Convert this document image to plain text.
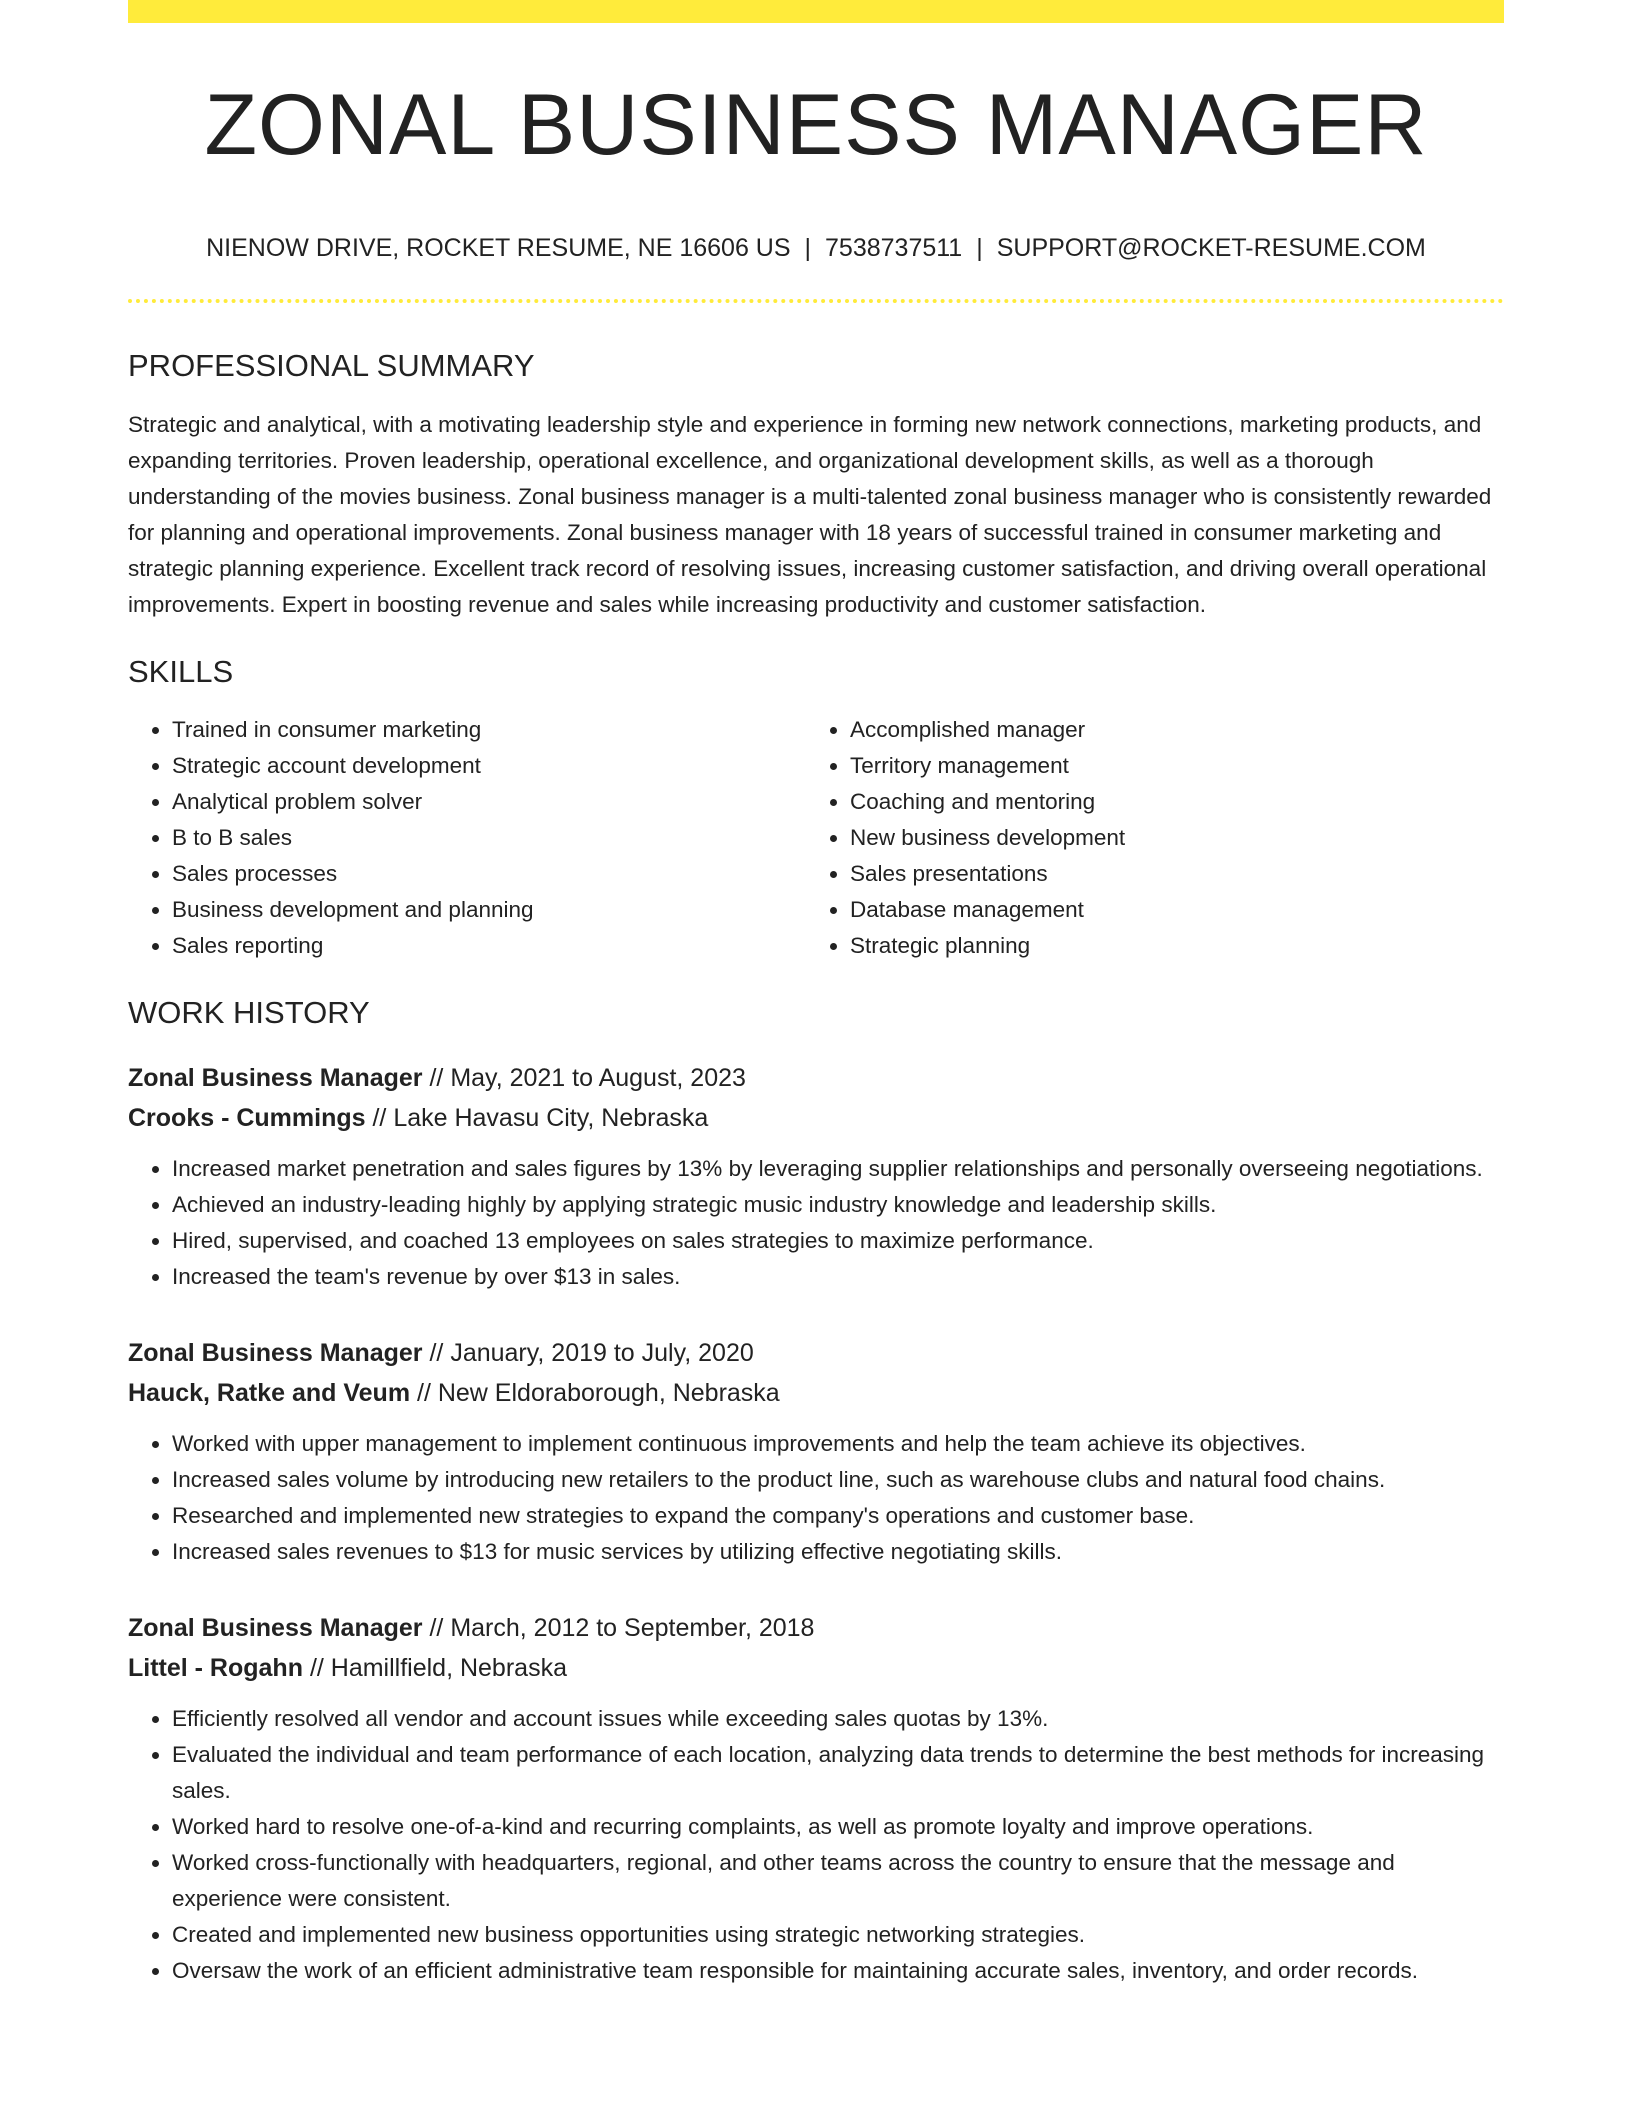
ZONAL BUSINESS MANAGER
NIENOW DRIVE, ROCKET RESUME, NE 16606 US | 7538737511 | SUPPORT@ROCKET-RESUME.COM
PROFESSIONAL SUMMARY

Strategic and analytical, with a motivating leadership style and experience in forming new network connections, marketing products, and expanding territories. Proven leadership, operational excellence, and organizational development skills, as well as a thorough understanding of the movies business. Zonal business manager is a multi-talented zonal business manager who is consistently rewarded for planning and operational improvements. Zonal business manager with 18 years of successful trained in consumer marketing and strategic planning experience. Excellent track record of resolving issues, increasing customer satisfaction, and driving overall operational improvements. Expert in boosting revenue and sales while increasing productivity and customer satisfaction.

SKILLS
• Trained in consumer marketing
• Strategic account development
• Analytical problem solver
• B to B sales
• Sales processes
• Business development and planning
• Sales reporting
• Accomplished manager
• Territory management
• Coaching and mentoring
• New business development
• Sales presentations
• Database management
• Strategic planning
WORK HISTORY
Zonal Business Manager // May, 2021 to August, 2023
Crooks - Cummings // Lake Havasu City, Nebraska
• Increased market penetration and sales figures by 13% by leveraging supplier relationships and personally overseeing negotiations.
• Achieved an industry-leading highly by applying strategic music industry knowledge and leadership skills.
• Hired, supervised, and coached 13 employees on sales strategies to maximize performance.
• Increased the team's revenue by over $13 in sales.
Zonal Business Manager // January, 2019 to July, 2020
Hauck, Ratke and Veum // New Eldoraborough, Nebraska
• Worked with upper management to implement continuous improvements and help the team achieve its objectives.
• Increased sales volume by introducing new retailers to the product line, such as warehouse clubs and natural food chains.
• Researched and implemented new strategies to expand the company's operations and customer base.
• Increased sales revenues to $13 for music services by utilizing effective negotiating skills.
Zonal Business Manager // March, 2012 to September, 2018
Littel - Rogahn // Hamillfield, Nebraska
• Efficiently resolved all vendor and account issues while exceeding sales quotas by 13%.
• Evaluated the individual and team performance of each location, analyzing data trends to determine the best methods for increasing sales.
• Worked hard to resolve one-of-a-kind and recurring complaints, as well as promote loyalty and improve operations.
• Worked cross-functionally with headquarters, regional, and other teams across the country to ensure that the message and experience were consistent.
• Created and implemented new business opportunities using strategic networking strategies.
• Oversaw the work of an efficient administrative team responsible for maintaining accurate sales, inventory, and order records.
